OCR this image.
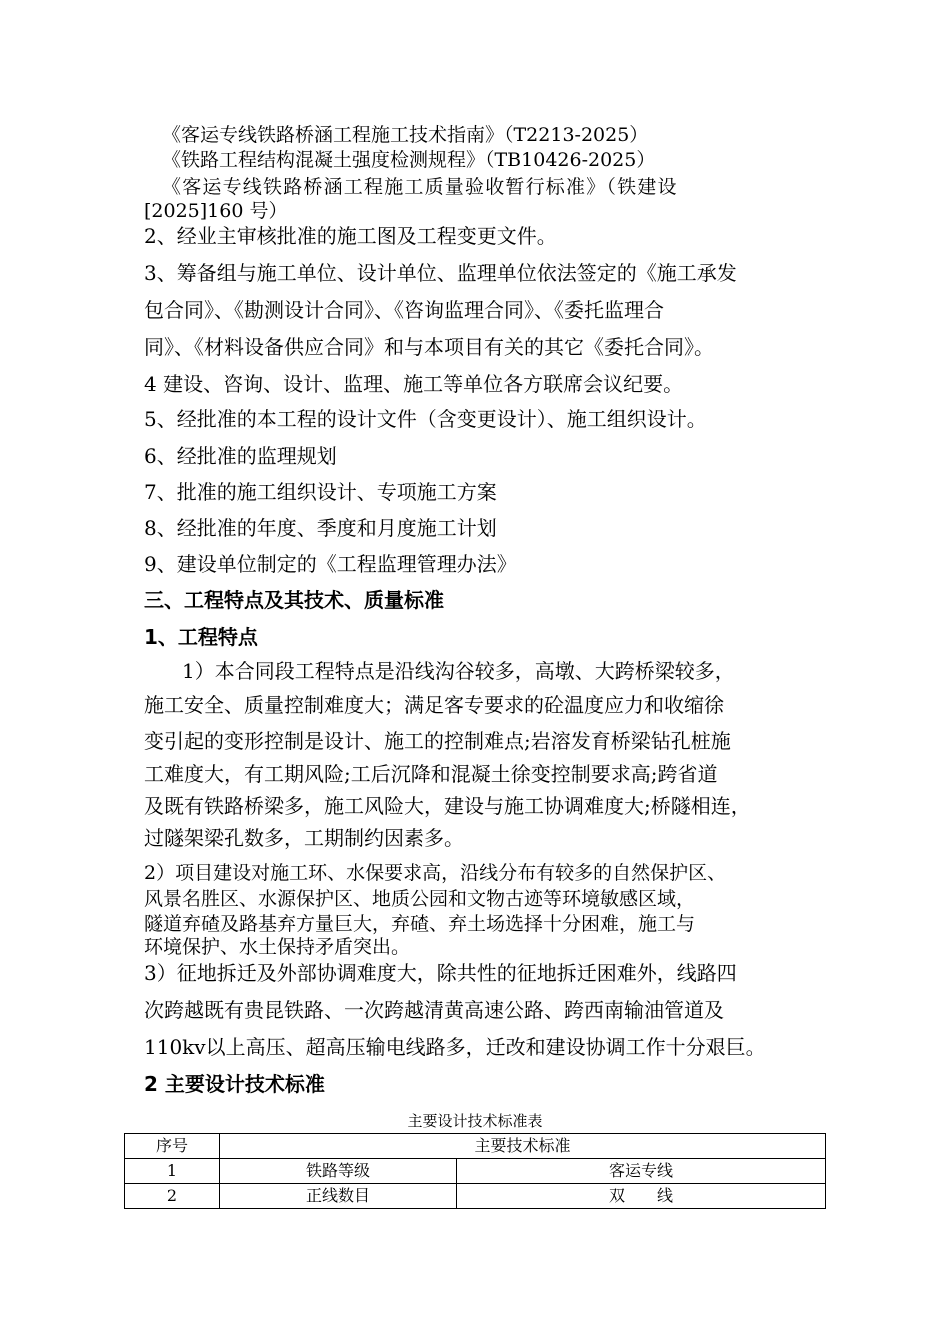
《客运专线铁路桥涵工程施工技术指南》（T2213-2025）
《铁路工程结构混凝土强度检测规程》（TB10426-2025）
《客运专线铁路桥涵工程施工质量验收暂行标准》（铁建设
[2025]160 号）
2、经业主审核批准的施工图及工程变更文件。
3、筹备组与施工单位、设计单位、监理单位依法签定的《施工承发
包合同》、《勘测设计合同》、《咨询监理合同》、《委托监理合
同》、《材料设备供应合同》和与本项目有关的其它《委托合同》。
4 建设、咨询、设计、监理、施工等单位各方联席会议纪要。
5、经批准的本工程的设计文件（含变更设计）、施工组织设计。
6、经批准的监理规划
7、批准的施工组织设计、专项施工方案
8、经批准的年度、季度和月度施工计划
9、建设单位制定的《工程监理管理办法》
三、工程特点及其技术、质量标准
1、工程特点
1）本合同段工程特点是沿线沟谷较多，高墩、大跨桥梁较多，
施工安全、质量控制难度大；满足客专要求的砼温度应力和收缩徐
变引起的变形控制是设计、施工的控制难点;岩溶发育桥梁钻孔桩施
工难度大，有工期风险;工后沉降和混凝土徐变控制要求高;跨省道
及既有铁路桥梁多，施工风险大，建设与施工协调难度大;桥隧相连，
过隧架梁孔数多，工期制约因素多。
2）项目建设对施工环、水保要求高，沿线分布有较多的自然保护区、
风景名胜区、水源保护区、地质公园和文物古迹等环境敏感区域，
隧道弃碴及路基弃方量巨大，弃碴、弃土场选择十分困难，施工与
环境保护、水土保持矛盾突出。
3）征地拆迁及外部协调难度大，除共性的征地拆迁困难外，线路四
次跨越既有贵昆铁路、一次跨越清黄高速公路、跨西南输油管道及
110kv以上高压、超高压输电线路多，迁改和建设协调工作十分艰巨。
2 主要设计技术标准
主要设计技术标准表
序号	主要技术标准	
1	铁路等级	客运专线
2	正线数目	双　　线
